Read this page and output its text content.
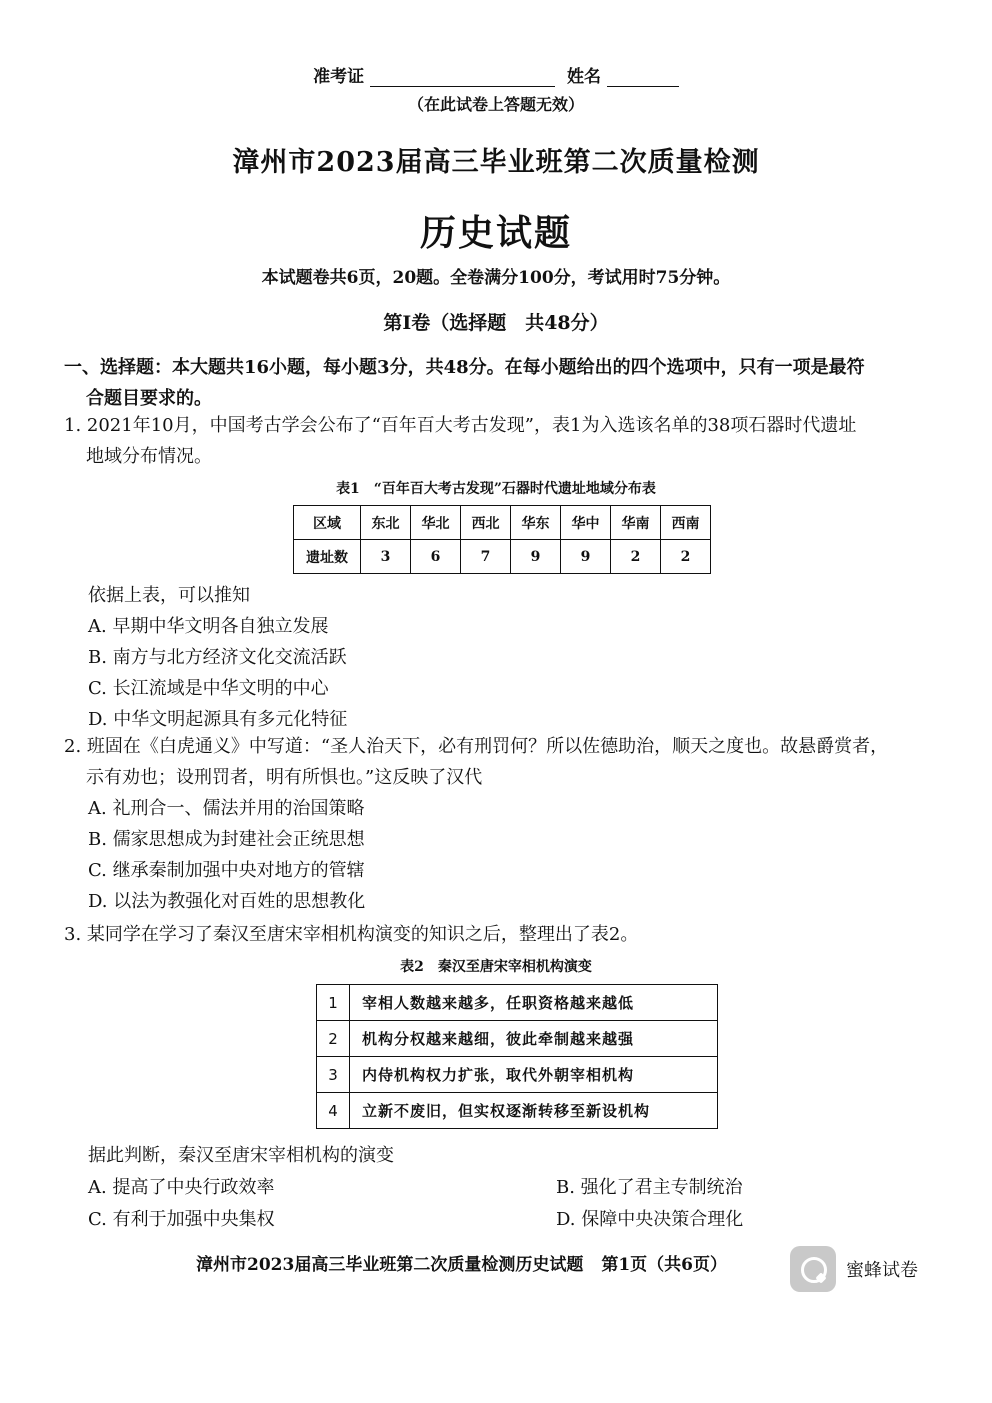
准考证	姓名
（在此试卷上答题无效）
漳州市2023届高三毕业班第二次质量检测
历史试题
本试题卷共6页，20题。全卷满分100分，考试用时75分钟。
第Ⅰ卷（选择题　共48分）
一、选择题：本大题共16小题，每小题3分，共48分。在每小题给出的四个选项中，只有一项是最符
合题目要求的。
1. 2021年10月，中国考古学会公布了“百年百大考古发现”，表1为入选该名单的38项石器时代遗址
地域分布情况。
表1　“百年百大考古发现”石器时代遗址地域分布表
区域	东北	华北	西北	华东	华中	华南	西南
遗址数	3	6	7	9	9	2	2
依据上表，可以推知
A. 早期中华文明各自独立发展
B. 南方与北方经济文化交流活跃
C. 长江流域是中华文明的中心
D. 中华文明起源具有多元化特征
2. 班固在《白虎通义》中写道：“圣人治天下，必有刑罚何？所以佐德助治，顺天之度也。故悬爵赏者，
示有劝也；设刑罚者，明有所惧也。”这反映了汉代
A. 礼刑合一、儒法并用的治国策略
B. 儒家思想成为封建社会正统思想
C. 继承秦制加强中央对地方的管辖
D. 以法为教强化对百姓的思想教化
3. 某同学在学习了秦汉至唐宋宰相机构演变的知识之后，整理出了表2。
表2　秦汉至唐宋宰相机构演变
1	宰相人数越来越多，任职资格越来越低
2	机构分权越来越细，彼此牵制越来越强
3	内侍机构权力扩张，取代外朝宰相机构
4	立新不废旧，但实权逐渐转移至新设机构
据此判断，秦汉至唐宋宰相机构的演变
A. 提高了中央行政效率	B. 强化了君主专制统治
C. 有利于加强中央集权	D. 保障中央决策合理化
漳州市2023届高三毕业班第二次质量检测历史试题 第1页（共6页）	蜜蜂试卷
